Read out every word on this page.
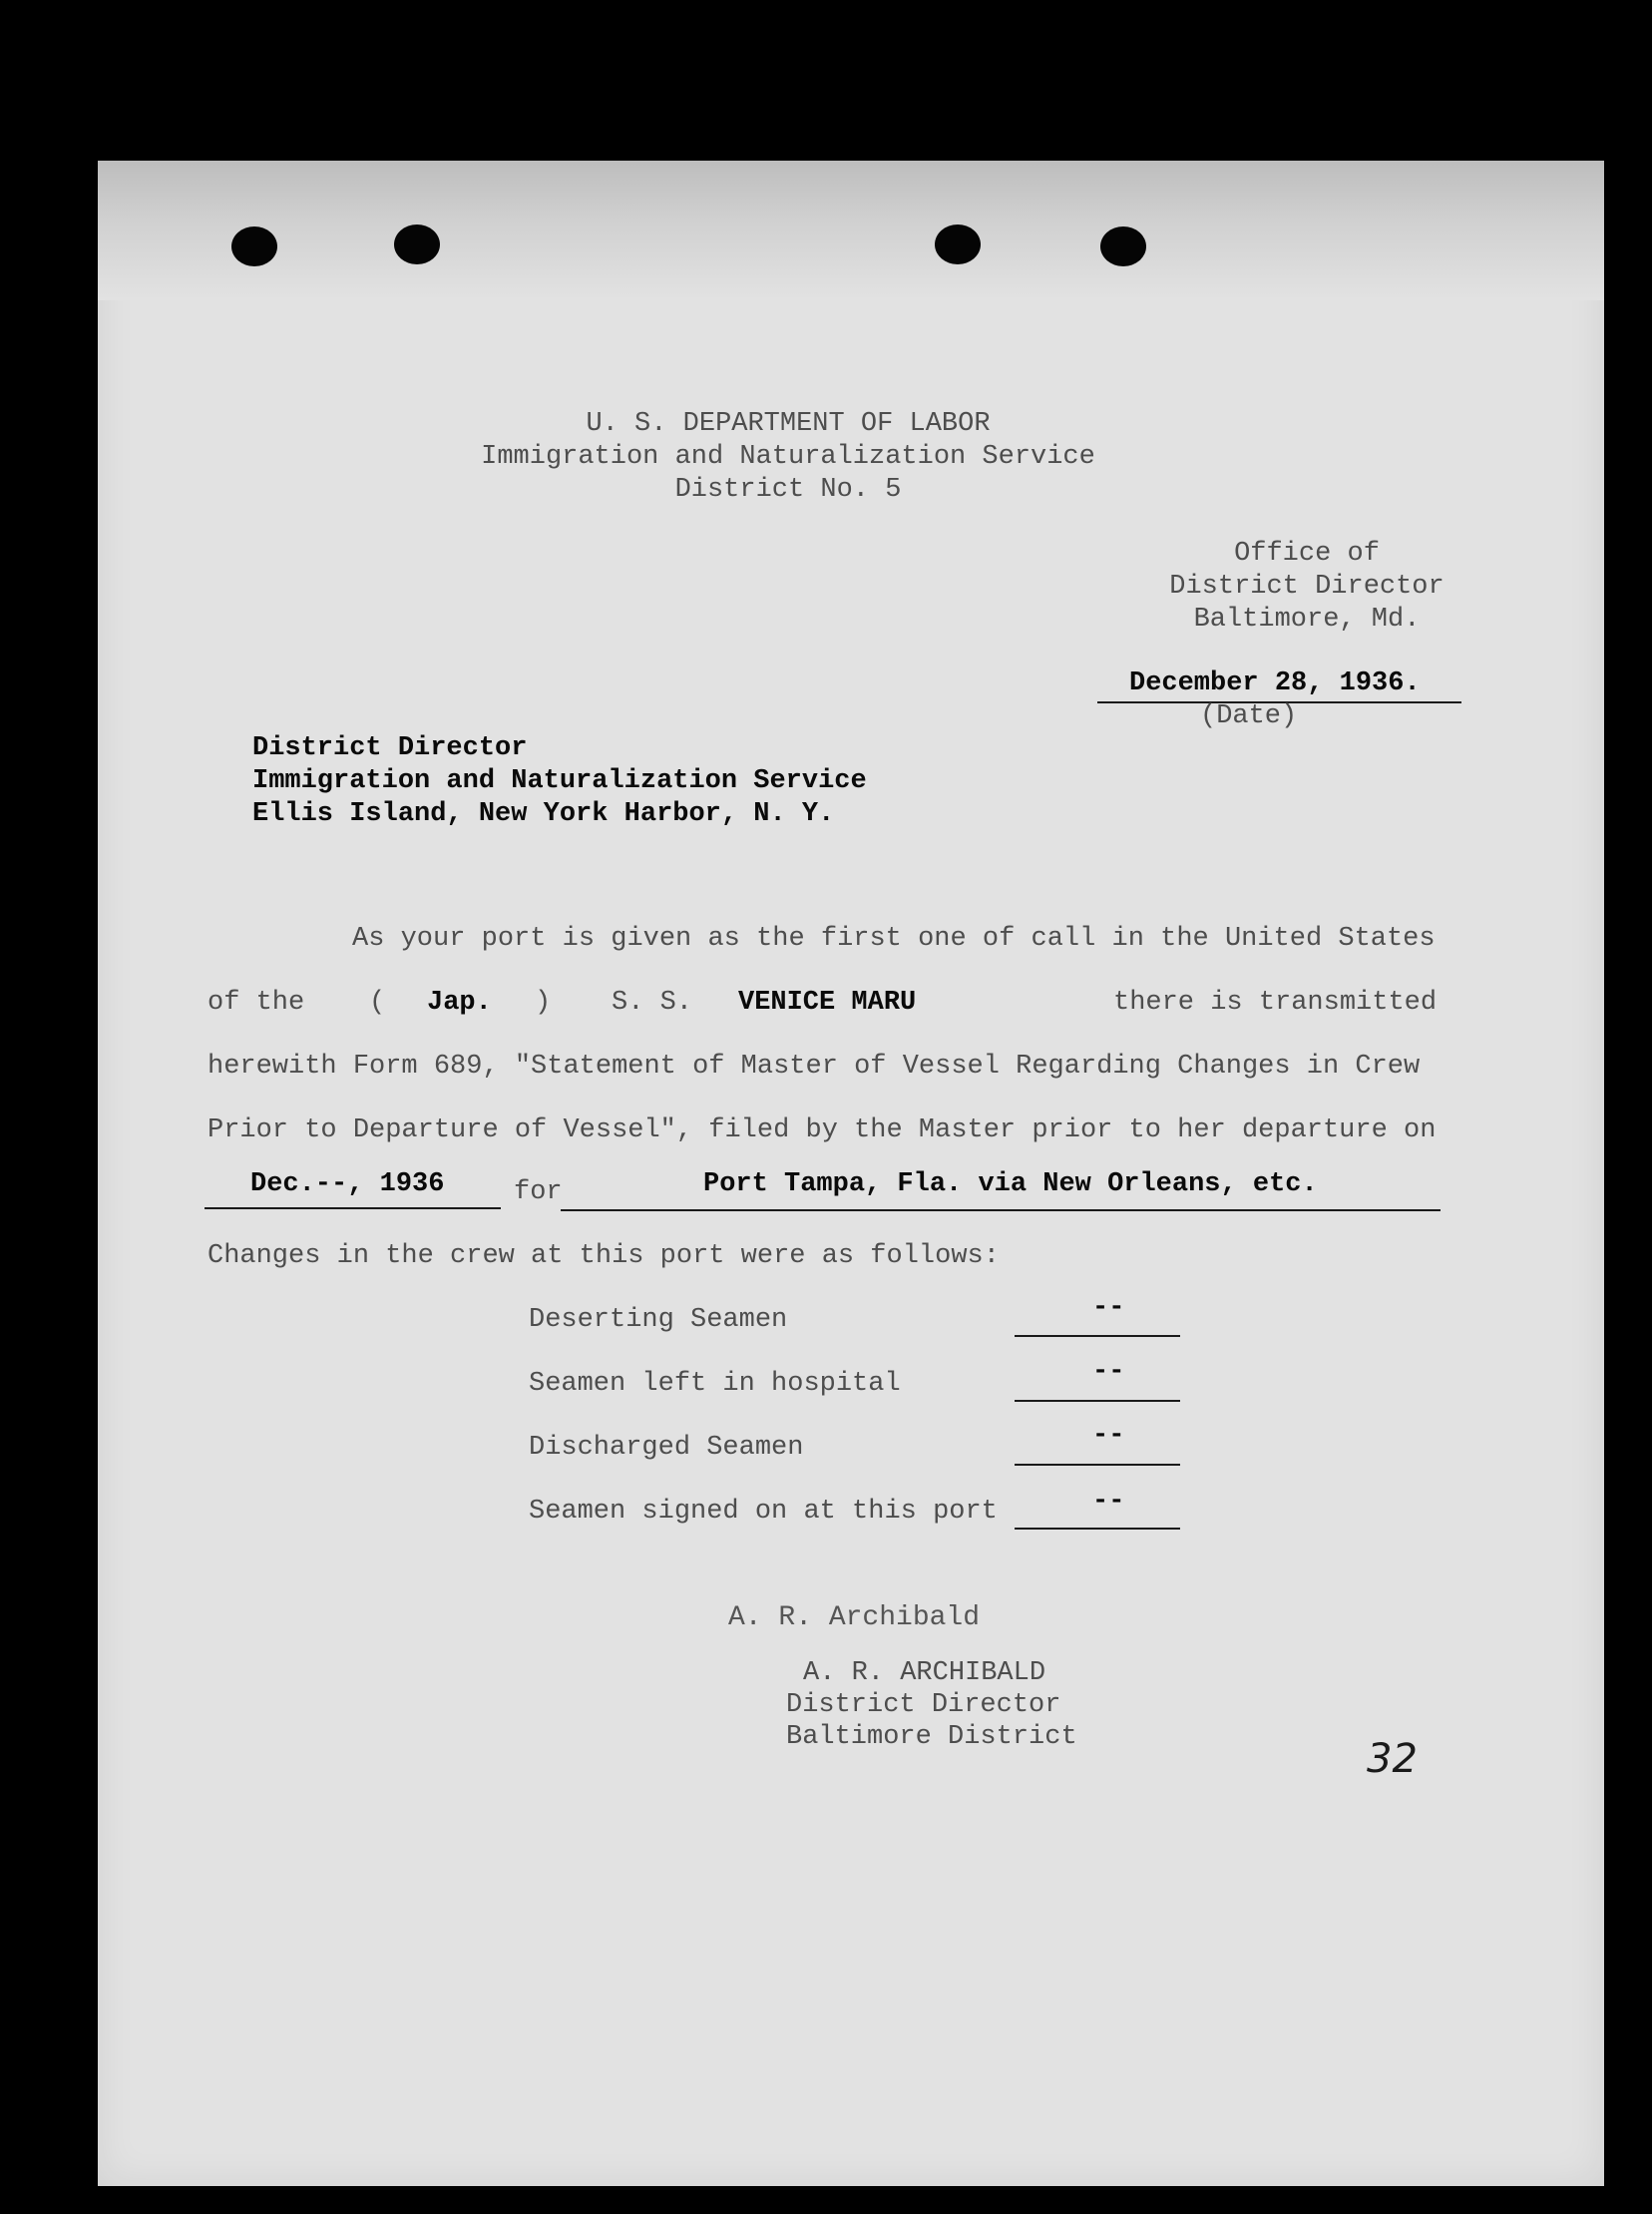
U. S. DEPARTMENT OF LABOR
Immigration and Naturalization Service
District No. 5
Office of
District Director
Baltimore, Md.
December 28, 1936.
(Date)
District Director
Immigration and Naturalization Service
Ellis Island, New York Harbor, N. Y.
As your port is given as the first one of call in the United States
of the ( Jap. ) S. S. VENICE MARU	there is transmitted
herewith Form 689, "Statement of Master of Vessel Regarding Changes in Crew
Prior to Departure of Vessel", filed by the Master prior to her departure on
Dec.--, 1936	for	Port Tampa, Fla. via New Orleans, etc.
Changes in the crew at this port were as follows:
Deserting Seamen	--
Seamen left in hospital	--
Discharged Seamen	--
Seamen signed on at this port	--
A. R. Archibald
A. R. ARCHIBALD
District Director
Baltimore District	32
